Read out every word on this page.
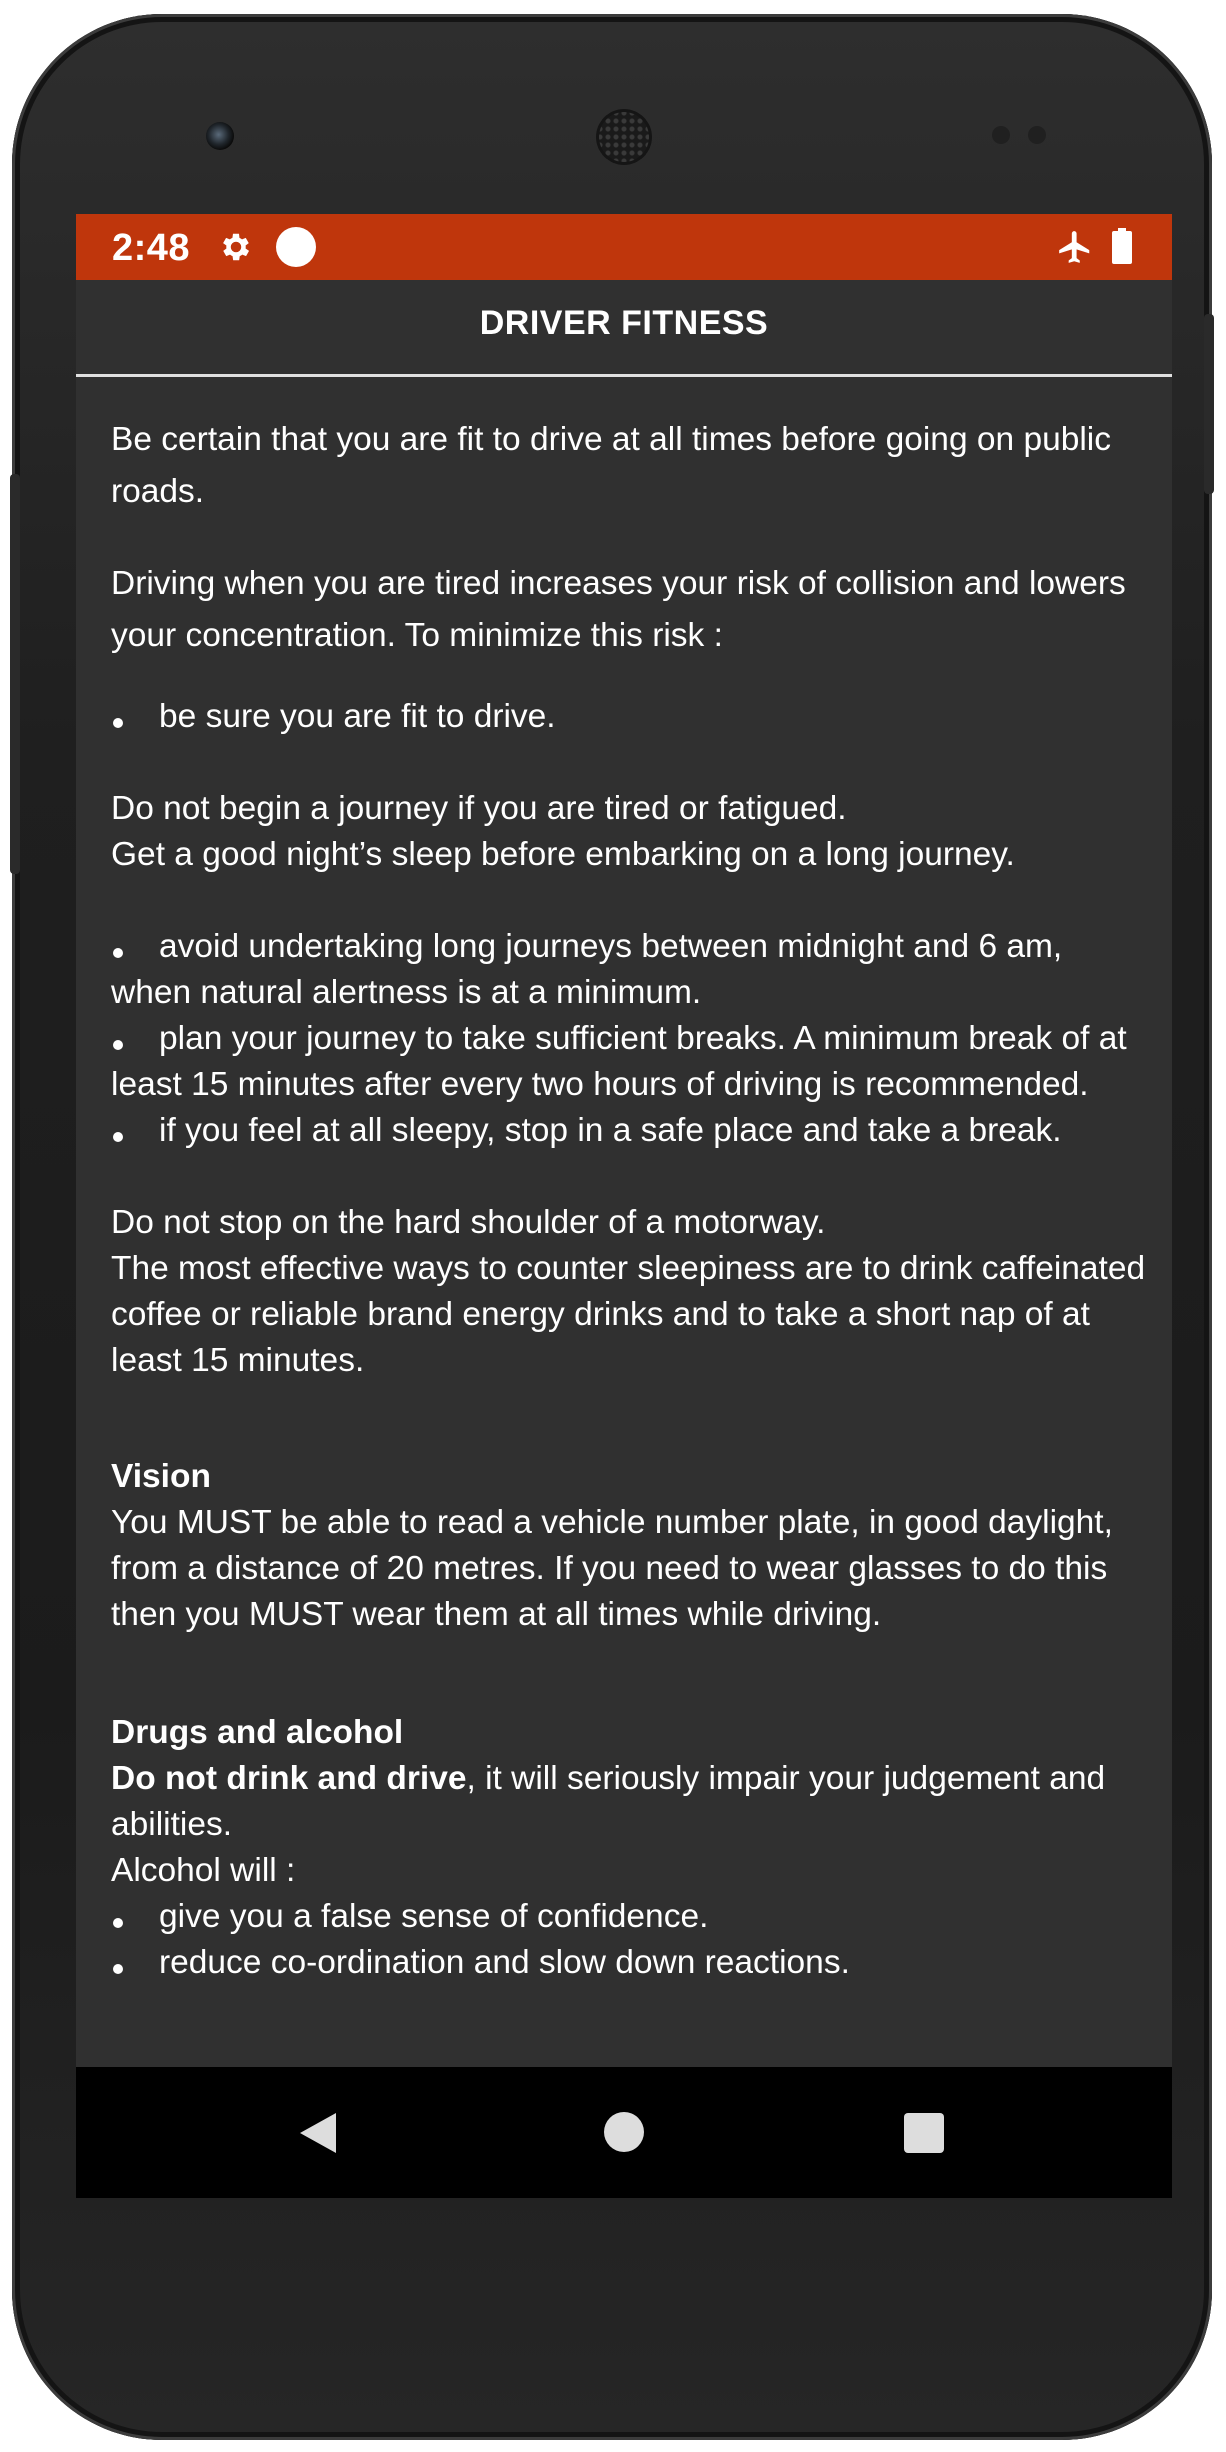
2:48
DRIVER FITNESS

Be certain that you are fit to drive at all times before going on public roads.

Driving when you are tired increases your risk of collision and lowers your concentration. To minimize this risk :

be sure you are fit to drive.

Do not begin a journey if you are tired or fatigued.

Get a good night’s sleep before embarking on a long journey.

avoid undertaking long journeys between midnight and 6 am, when natural alertness is at a minimum.

plan your journey to take sufficient breaks. A minimum break of at least 15 minutes after every two hours of driving is recommended.

if you feel at all sleepy, stop in a safe place and take a break.

Do not stop on the hard shoulder of a motorway.

The most effective ways to counter sleepiness are to drink caffeinated coffee or reliable brand energy drinks and to take a short nap of at least 15 minutes.

Vision

You MUST be able to read a vehicle number plate, in good daylight, from a distance of 20 metres. If you need to wear glasses to do this then you MUST wear them at all times while driving.

Drugs and alcohol

Do not drink and drive, it will seriously impair your judgement and abilities.

Alcohol will :

give you a false sense of confidence.

reduce co-ordination and slow down reactions.
